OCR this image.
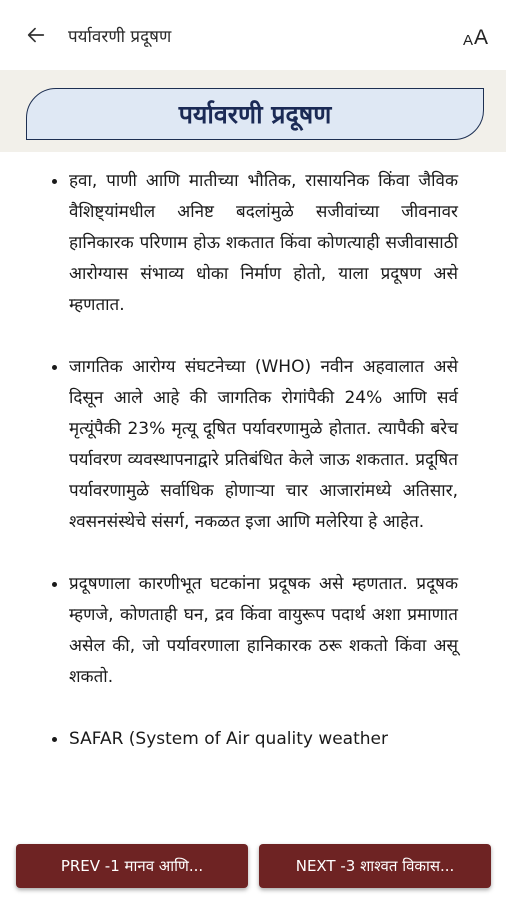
पर्यावरणी प्रदूषण	A A
पर्यावरणी प्रदूषण
हवा, पाणी आणि मातीच्या भौतिक, रासायनिक किंवा जैविक वैशिष्ट्यांमधील अनिष्ट बदलांमुळे सजीवांच्या जीवनावर हानिकारक परिणाम होऊ शकतात किंवा कोणत्याही सजीवासाठी आरोग्यास संभाव्य धोका निर्माण होतो, याला प्रदूषण असे म्हणतात.
जागतिक आरोग्य संघटनेच्या (WHO) नवीन अहवालात असे दिसून आले आहे की जागतिक रोगांपैकी 24% आणि सर्व मृत्यूंपैकी 23% मृत्यू दूषित पर्यावरणामुळे होतात. त्यापैकी बरेच पर्यावरण व्यवस्थापनाद्वारे प्रतिबंधित केले जाऊ शकतात. प्रदूषित पर्यावरणामुळे सर्वाधिक होणाऱ्या चार आजारांमध्ये अतिसार, श्वसनसंस्थेचे संसर्ग, नकळत इजा आणि मलेरिया हे आहेत.
प्रदूषणाला कारणीभूत घटकांना प्रदूषक असे म्हणतात. प्रदूषक म्हणजे, कोणताही घन, द्रव किंवा वायुरूप पदार्थ अशा प्रमाणात असेल की, जो पर्यावरणाला हानिकारक ठरू शकतो किंवा असू शकतो.
SAFAR (System of Air quality weather
PREV -1 मानव आणि...	NEXT -3 शाश्वत विकास...
